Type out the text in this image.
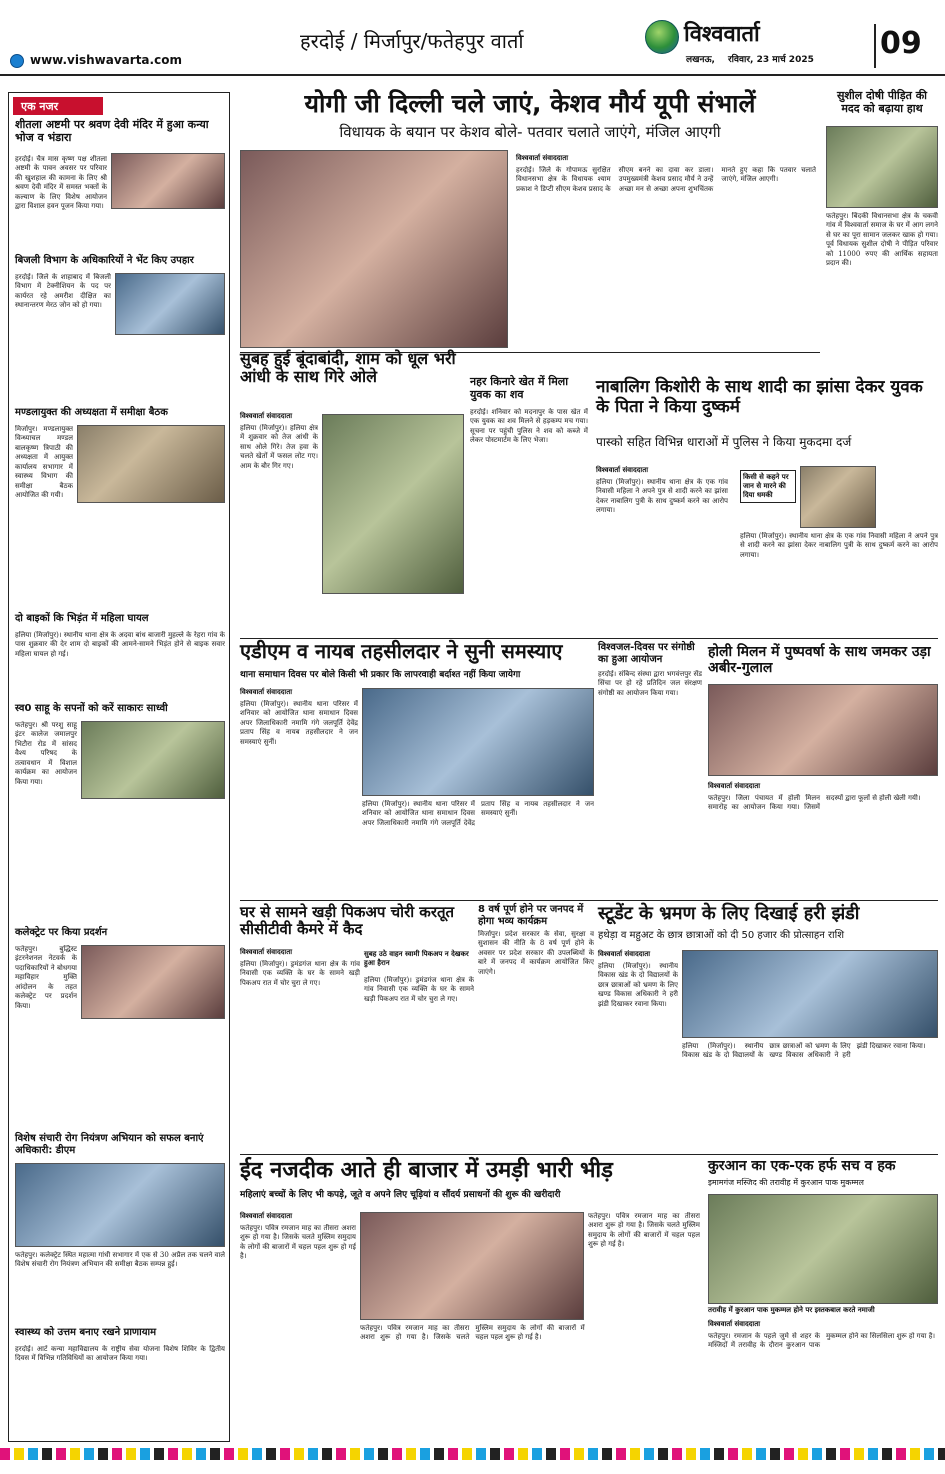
हरदोई / मिर्जापुर/फतेहपुर वार्ता
www.vishwavarta.com
विश्ववार्ता
लखनऊ, रविवार, 23 मार्च 2025 09
एक नजर
शीतला अष्टमी पर श्रवण देवी मंदिर में हुआ कन्या भोज व भंडारा
हरदोई। चैत्र मास कृष्ण पक्ष शीतला अष्टमी के पावन अवसर पर परिवार की खुशहाल की कामना के लिए श्री श्रवण देवी मंदिर में समस्त भक्तों के कल्याण के लिए विशेष आयोजन द्वारा विशाल हवन पूजन किया गया।
बिजली विभाग के अधिकारियों ने भेंट किए उपहार
हरदोई। जिले के शाहाबाद में बिजली विभाग में टेक्नीशियन के पद पर कार्यरत रहे अमरीश दीक्षित का स्थानान्तरण मेरठ जोन को हो गया।
मण्डलायुक्त की अध्यक्षता में समीक्षा बैठक
मिर्जापुर। मण्डलायुक्त विन्ध्याचल मण्डल बालकृष्ण त्रिपाठी की अध्यक्षता में आयुक्त कार्यालय सभागार में स्वास्थ्य विभाग की समीक्षा बैठक आयोजित की गयी।
दो बाइकों कि भिड़ंत में महिला घायल
हलिया (मिर्जापुर)। स्थानीय थाना क्षेत्र के अदवा बांध बाजारी मुहल्ले के रेहरा गांव के पास शुक्रवार की देर शाम दो बाइकों की आमने-सामने भिड़ंत होने से बाइक सवार महिला घायल हो गई।
स्व0 साहू के सपनों को करें साकारः साध्वी
फतेहपुर। श्री परशु साहू इंटर कालेज जमालपुर भिटौरा रोड में सांसद वैश्य परिषद के तत्वावधान में विशाल कार्यक्रम का आयोजन किया गया।
कलेक्ट्रेट पर किया प्रदर्शन
फतेहपुर। बुद्धिस्ट इंटरनेशनल नेटवर्क के पदाधिकारियों ने बोधगया महाविहार मुक्ति आंदोलन के तहत कलेक्ट्रेट पर प्रदर्शन किया।
विशेष संचारी रोग नियंत्रण अभियान को सफल बनाएं अधिकारी: डीएम
फतेहपुर। कलेक्ट्रेट स्थित महात्मा गांधी सभागार में एक से 30 अप्रैल तक चलने वाले विशेष संचारी रोग नियंत्रण अभियान की समीक्षा बैठक सम्पन्न हुई।
स्वास्थ्य को उत्तम बनाए रखने प्राणायाम
हरदोई। आर्ट कन्या महाविद्यालय के राष्ट्रीय सेवा योजना विशेष शिविर के द्वितीय दिवस में विभिन्न गतिविधियों का आयोजन किया गया।
योगी जी दिल्ली चले जाएं, केशव मौर्य यूपी संभालें
विधायक के बयान पर केशव बोले- पतवार चलाते जाएंगे, मंजिल आएगी
विश्ववार्ता संवाददाता
हरदोई। जिले के गोपामऊ सुरक्षित विधानसभा क्षेत्र के विधायक श्याम प्रकाश ने डिप्टी सीएम केशव प्रसाद के सीएम बनने का दावा कर डाला। उपमुख्यमंत्री केशव प्रसाद मौर्य ने उन्हें अच्छा मन से अच्छा अपना शुभचिंतक मानते हुए कहा कि पतवार चलाते जाएंगे, मंजिल आएगी।
सुशील दोषी पीड़ित की मदद को बढ़ाया हाथ
फतेहपुर। बिंदकी विधानसभा क्षेत्र के चकवी गांव में विश्ववार्ता समाज के घर में आग लगने से घर का पूरा सामान जलकर खाक हो गया। पूर्व विधायक सुशील दोषी ने पीड़ित परिवार को 11000 रुपए की आर्थिक सहायता प्रदान की।
सुबह हुई बूंदाबांदी, शाम को धूल भरी आंधी के साथ गिरे ओले
विश्ववार्ता संवाददाता
हलिया (मिर्जापुर)। हलिया क्षेत्र में शुक्रवार को तेज आंधी के साथ ओले गिरे। तेज हवा के चलते खेतों में फसल लोट गए। आम के बौर गिर गए।
नहर किनारे खेत में मिला युवक का शव
हरदोई। शनिवार को मदनापुर के पास खेत में एक युवक का शव मिलने से हड़कम्प मच गया। सूचना पर पहुंची पुलिस ने शव को कब्जे में लेकर पोस्टमार्टम के लिए भेजा।
नाबालिग किशोरी के साथ शादी का झांसा देकर युवक के पिता ने किया दुष्कर्म
पास्को सहित विभिन्न धाराओं में पुलिस ने किया मुकदमा दर्ज
विश्ववार्ता संवाददाता
हलिया (मिर्जापुर)। स्थानीय थाना क्षेत्र के एक गांव निवासी महिला ने अपने पुत्र से शादी करने का झांसा देकर नाबालिग पुत्री के साथ दुष्कर्म करने का आरोप लगाया।
किसी से कहने पर जान से मारने की दिया धमकी
हलिया (मिर्जापुर)। स्थानीय थाना क्षेत्र के एक गांव निवासी महिला ने अपने पुत्र से शादी करने का झांसा देकर नाबालिग पुत्री के साथ दुष्कर्म करने का आरोप लगाया।
एडीएम व नायब तहसीलदार ने सुनी समस्याए
थाना समाधान दिवस पर बोले किसी भी प्रकार कि लापरवाही बर्दाश्त नहीं किया जायेगा
विश्ववार्ता संवाददाता
हलिया (मिर्जापुर)। स्थानीय थाना परिसर में शनिवार को आयोजित थाना समाधान दिवस अपर जिलाधिकारी नमामि गंगे जलपूर्ति देवेंद्र प्रताप सिंह व नायब तहसीलदार ने जन समस्याएं सुनीं।
हलिया (मिर्जापुर)। स्थानीय थाना परिसर में शनिवार को आयोजित थाना समाधान दिवस अपर जिलाधिकारी नमामि गंगे जलपूर्ति देवेंद्र प्रताप सिंह व नायब तहसीलदार ने जन समस्याएं सुनीं।
विश्वजल-दिवस पर संगोष्ठी का हुआ आयोजन
हरदोई। संबिन्द संस्था द्वारा भगवंत्तपुर सेंड सिंचा पर हो रहे प्रतिदिन जल संरक्षण संगोष्ठी का आयोजन किया गया।
होली मिलन में पुष्पवर्षा के साथ जमकर उड़ा अबीर-गुलाल
विश्ववार्ता संवाददाता
फतेहपुर। जिला पंचायत में होली मिलन समारोह का आयोजन किया गया। जिसमें सदस्यों द्वारा फूलों से होली खेली गयी।
घर से सामने खड़ी पिकअप चोरी करतूत सीसीटीवी कैमरे में कैद
विश्ववार्ता संवाददाता
हलिया (मिर्जापुर)। ड्रमंडगंज थाना क्षेत्र के गांव निवासी एक व्यक्ति के घर के सामने खड़ी पिकअप रात में चोर चुरा ले गए।
सुबह उठे वाहन स्वामी पिकअप न देखकर हुआ हैरान
हलिया (मिर्जापुर)। ड्रमंडगंज थाना क्षेत्र के गांव निवासी एक व्यक्ति के घर के सामने खड़ी पिकअप रात में चोर चुरा ले गए।
8 वर्ष पूर्ण होने पर जनपद में होगा भव्य कार्यक्रम
मिर्जापुर। प्रदेश सरकार के सेवा, सुरक्षा व सुशासन की नीति के 8 वर्ष पूर्ण होने के अवसर पर प्रदेश सरकार की उपलब्धियों के बारे में जनपद में कार्यक्रम आयोजित किए जाएंगे।
स्टूडेंट के भ्रमण के लिए दिखाई हरी झंडी
हथेड़ा व महुअट के छात्र छात्राओं को दी 50 हजार की प्रोत्साहन राशि
विश्ववार्ता संवाददाता
हलिया (मिर्जापुर)। स्थानीय विकास खंड के दो विद्यालयों के छात्र छात्राओं को भ्रमण के लिए खण्ड विकास अधिकारी ने हरी झंडी दिखाकर रवाना किया।
हलिया (मिर्जापुर)। स्थानीय विकास खंड के दो विद्यालयों के छात्र छात्राओं को भ्रमण के लिए खण्ड विकास अधिकारी ने हरी झंडी दिखाकर रवाना किया।
ईद नजदीक आते ही बाजार में उमड़ी भारी भीड़
महिलाएं बच्चों के लिए भी कपड़े, जूते व अपने लिए चूड़ियां व सौंदर्य प्रसाधनों की शुरू की खरीदारी
विश्ववार्ता संवाददाता
फतेहपुर। पवित्र रमजान माह का तीसरा अशरा शुरू हो गया है। जिसके चलते मुस्लिम समुदाय के लोगों की बाजारों में चहल पहल शुरू हो गई है।
फतेहपुर। पवित्र रमजान माह का तीसरा अशरा शुरू हो गया है। जिसके चलते मुस्लिम समुदाय के लोगों की बाजारों में चहल पहल शुरू हो गई है।
फतेहपुर। पवित्र रमजान माह का तीसरा अशरा शुरू हो गया है। जिसके चलते मुस्लिम समुदाय के लोगों की बाजारों में चहल पहल शुरू हो गई है।
कुरआन का एक-एक हर्फ सच व हक
इमामगंज मस्जिद की तरावीह में कुरआन पाक मुकम्मल
तरावीह में कुरआन पाक मुकम्मल होने पर इस्तकबाल करते नमाजी
विश्ववार्ता संवाददाता
फतेहपुर। रमजान के पहले जुमे से शहर के मस्जिदों में तरावीह के दौरान कुरआन पाक मुकम्मल होने का सिलसिला शुरू हो गया है।
